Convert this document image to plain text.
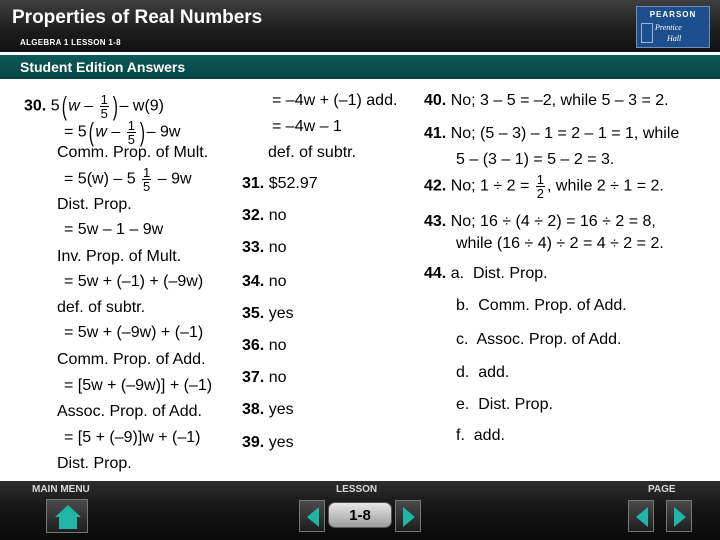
Properties of Real Numbers
ALGEBRA 1 LESSON 1-8
PEARSON
Prentice
Hall
Student Edition Answers
30. 5( w – $\frac{1}{5}$ ) – w(9)
= 5( w – $\frac{1}{5}$ ) – 9w
Comm. Prop. of Mult.
= $5(w) - 5 \frac{1}{5} - 9w$
Dist. Prop.
= 5w – 1 – 9w
Inv. Prop. of Mult.
= 5w + (–1) + (–9w)
def. of subtr.
= 5w + (–9w) + (–1)
Comm. Prop. of Add.
= [5w + (–9w)] + (–1)
Assoc. Prop. of Add.
= [5 + (–9)]w + (–1)
Dist. Prop.
= –4w + (–1) add.
= –4w – 1
def. of subtr.
31. $52.97
32. no
33. no
34. no
35. yes
36. no
37. no
38. yes
39. yes
40. No; 3 – 5 = –2, while 5 – 3 = 2.
41. No; (5 – 3) – 1 = 2 – 1 = 1, while
5 – (3 – 1) = 5 – 2 = 3.
42. No; $1 \div 2 = \frac{1}{2}$ , while 2 ÷ 1 = 2.
43. No; 16 ÷ (4 ÷ 2) = 16 ÷ 2 = 8,
while (16 ÷ 4) ÷ 2 = 4 ÷ 2 = 2.
44. a. Dist. Prop.
b. Comm. Prop. of Add.
c. Assoc. Prop. of Add.
d. add.
e. Dist. Prop.
f. add.
MAIN MENU	LESSON	PAGE
1-8
